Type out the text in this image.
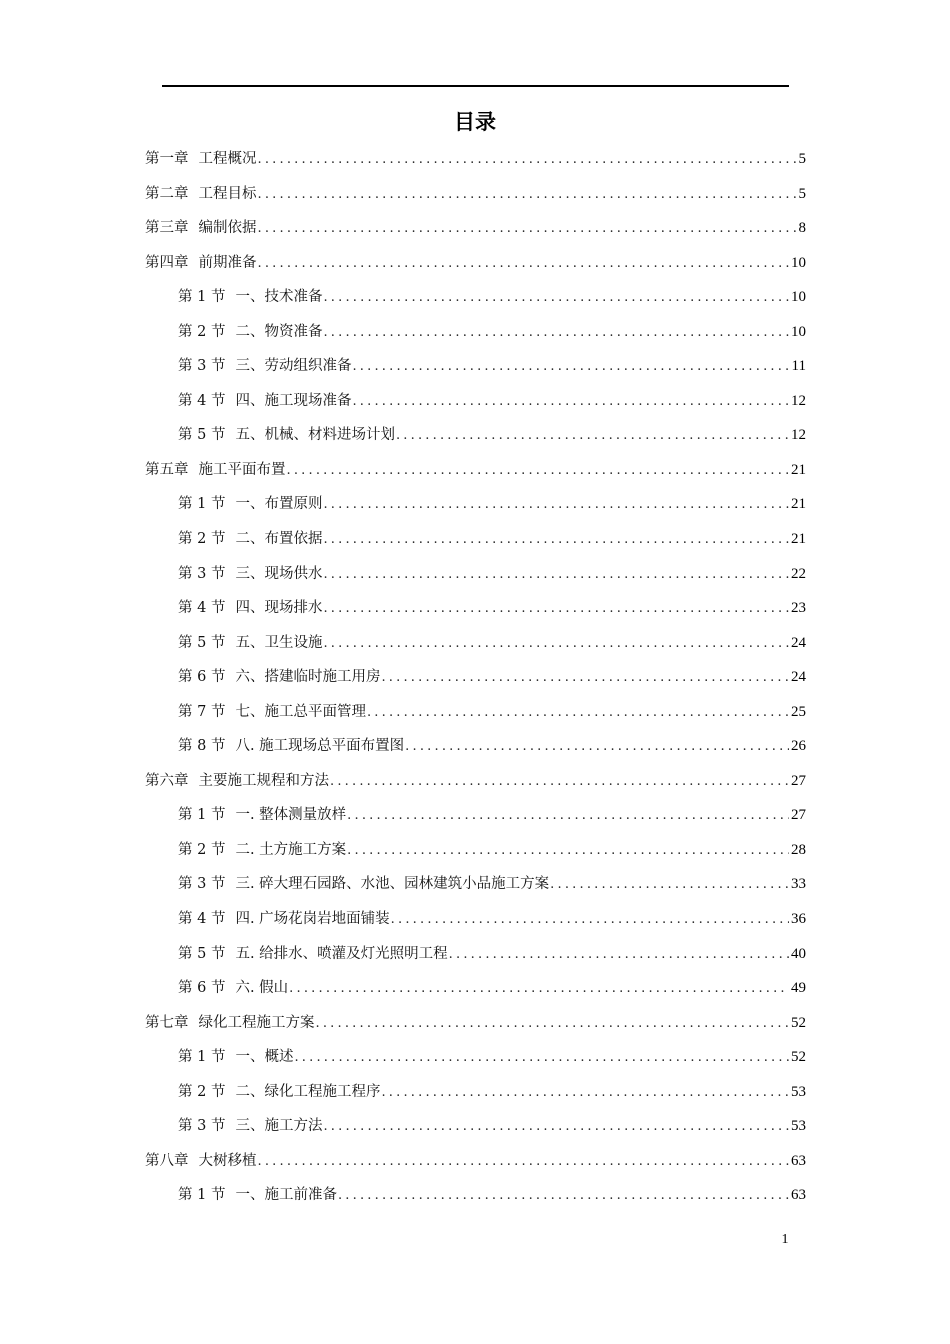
目录
第一章 工程概况 .....	5
第二章 工程目标 .....	5
第三章 编制依据 .....	8
第四章 前期准备 .....	10
第 1 节 一、技术准备 .....	10
第 2 节 二、物资准备 .....	10
第 3 节 三、劳动组织准备 .....	11
第 4 节 四、施工现场准备 .....	12
第 5 节 五、机械、材料进场计划 .....	12
第五章 施工平面布置 .....	21
第 1 节 一、布置原则 .....	21
第 2 节 二、布置依据 .....	21
第 3 节 三、现场供水 .....	22
第 4 节 四、现场排水 .....	23
第 5 节 五、卫生设施 .....	24
第 6 节 六、搭建临时施工用房 .....	24
第 7 节 七、施工总平面管理 .....	25
第 8 节 八. 施工现场总平面布置图 .....	26
第六章 主要施工规程和方法 .....	27
第 1 节 一. 整体测量放样 .....	27
第 2 节 二. 土方施工方案 .....	28
第 3 节 三. 碎大理石园路、水池、园林建筑小品施工方案 .....	33
第 4 节 四. 广场花岗岩地面铺装 .....	36
第 5 节 五. 给排水、喷灌及灯光照明工程 .....	40
第 6 节 六. 假山 .....	49
第七章 绿化工程施工方案 .....	52
第 1 节 一、概述 .....	52
第 2 节 二、绿化工程施工程序 .....	53
第 3 节 三、施工方法 .....	53
第八章 大树移植 .....	63
第 1 节 一、施工前准备 .....	63
1
